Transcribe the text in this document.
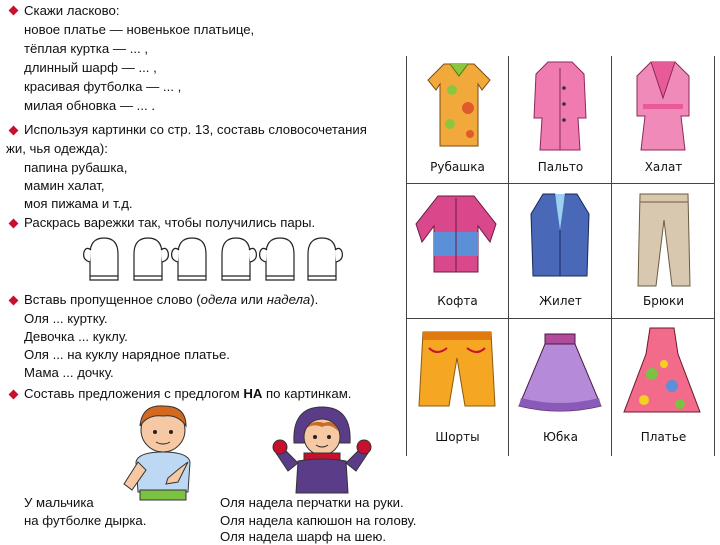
Скажи ласково:
новое платье — новенькое платьице,
тёплая куртка — ... ,
длинный шарф — ... ,
красивая футболка — ... ,
милая обновка — ... .
Используя картинки со стр. 13, составь словосочетания
жи, чья одежда):
папина рубашка,
мамин халат,
моя пижама и т.д.
Раскрась варежки так, чтобы получились пары.
Вставь пропущенное слово (одела или надела).
Оля ... куртку.
Девочка ... куклу.
Оля ... на куклу нарядное платье.
Мама ... дочку.
Составь предложения с предлогом НА по картинкам.
У мальчика
на футболке дырка.
Оля надела перчатки на руки.
Оля надела капюшон на голову.
Оля надела шарф на шею.
Рубашка	Пальто	Халат
Кофта	Жилет	Брюки
Шорты	Юбка	Платье
